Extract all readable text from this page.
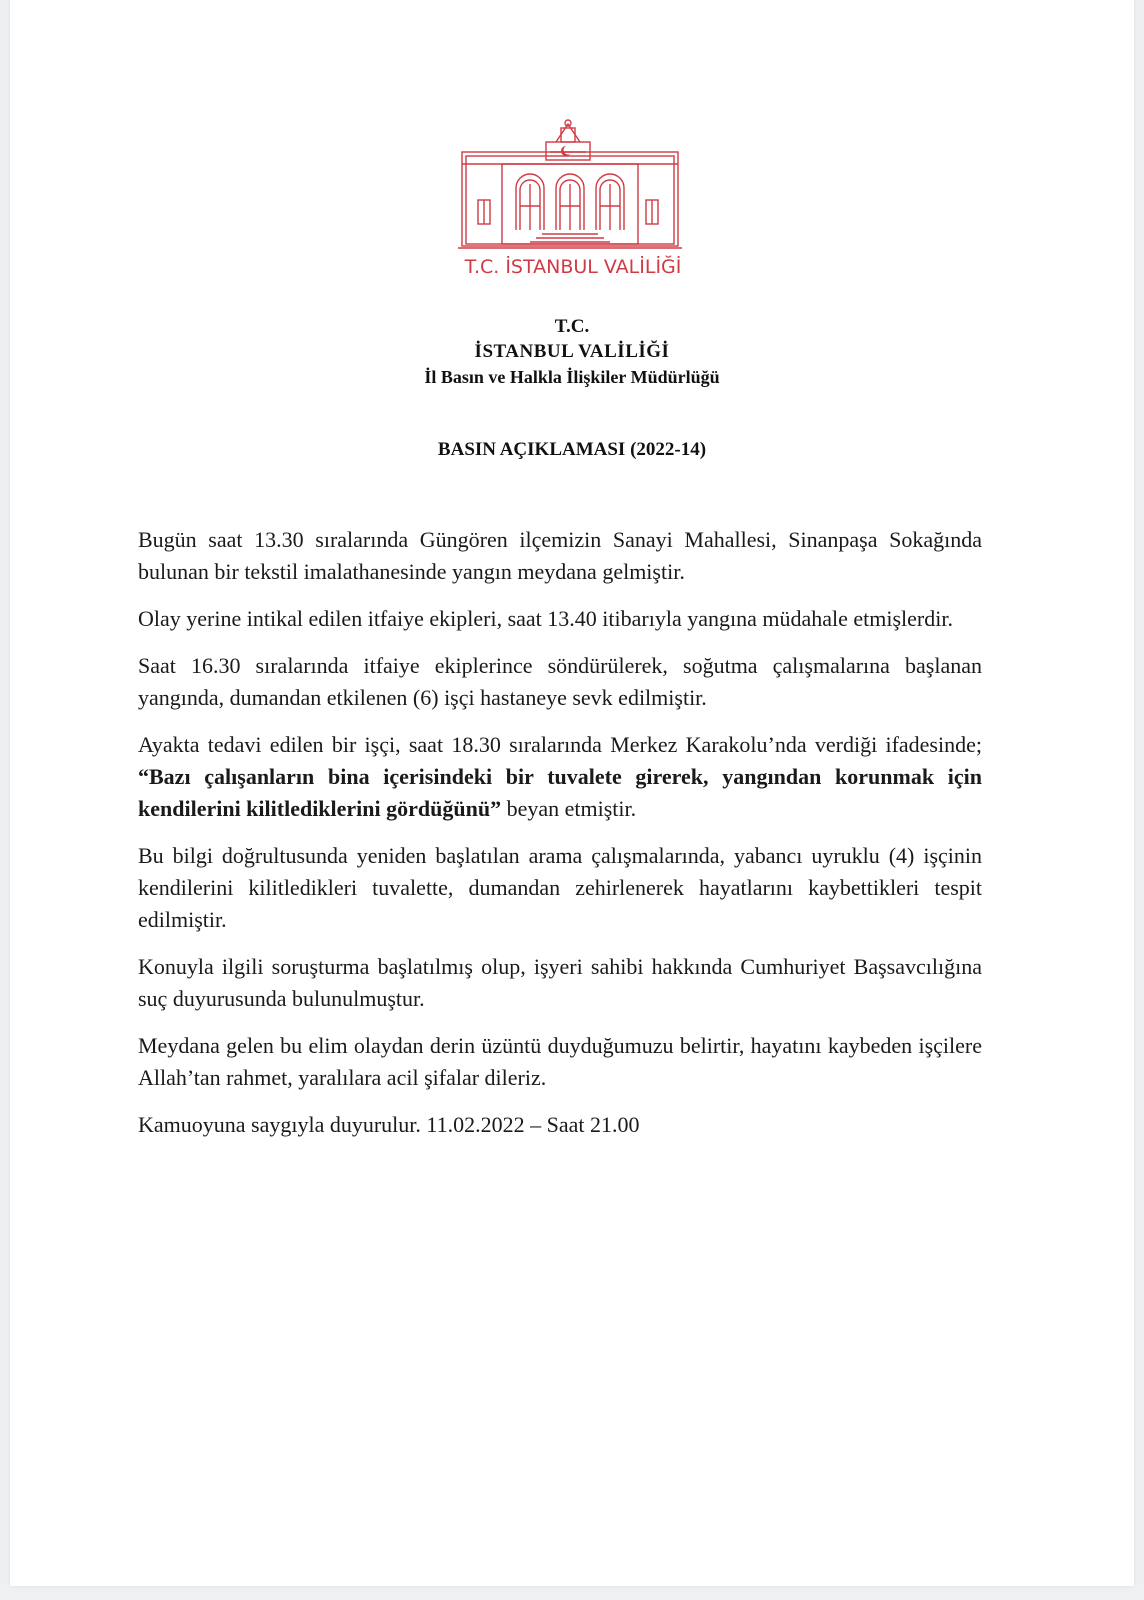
T.C. İSTANBUL VALİLİĞİ
T.C.
İSTANBUL VALİLİĞİ
İl Basın ve Halkla İlişkiler Müdürlüğü
BASIN AÇIKLAMASI (2022-14)

Bugün saat 13.30 sıralarında Güngören ilçemizin Sanayi Mahallesi, Sinanpaşa Sokağında bulunan bir tekstil imalathanesinde yangın meydana gelmiştir.

Olay yerine intikal edilen itfaiye ekipleri, saat 13.40 itibarıyla yangına müdahale etmişlerdir.

Saat 16.30 sıralarında itfaiye ekiplerince söndürülerek, soğutma çalışmalarına başlanan yangında, dumandan etkilenen (6) işçi hastaneye sevk edilmiştir.

Ayakta tedavi edilen bir işçi, saat 18.30 sıralarında Merkez Karakolu’nda verdiği ifadesinde; “Bazı çalışanların bina içerisindeki bir tuvalete girerek, yangından korunmak için kendilerini kilitlediklerini gördüğünü” beyan etmiştir.

Bu bilgi doğrultusunda yeniden başlatılan arama çalışmalarında, yabancı uyruklu (4) işçinin kendilerini kilitledikleri tuvalette, dumandan zehirlenerek hayatlarını kaybettikleri tespit edilmiştir.

Konuyla ilgili soruşturma başlatılmış olup, işyeri sahibi hakkında Cumhuriyet Başsavcılığına suç duyurusunda bulunulmuştur.

Meydana gelen bu elim olaydan derin üzüntü duyduğumuzu belirtir, hayatını kaybeden işçilere Allah’tan rahmet, yaralılara acil şifalar dileriz.

Kamuoyuna saygıyla duyurulur. 11.02.2022 – Saat 21.00
